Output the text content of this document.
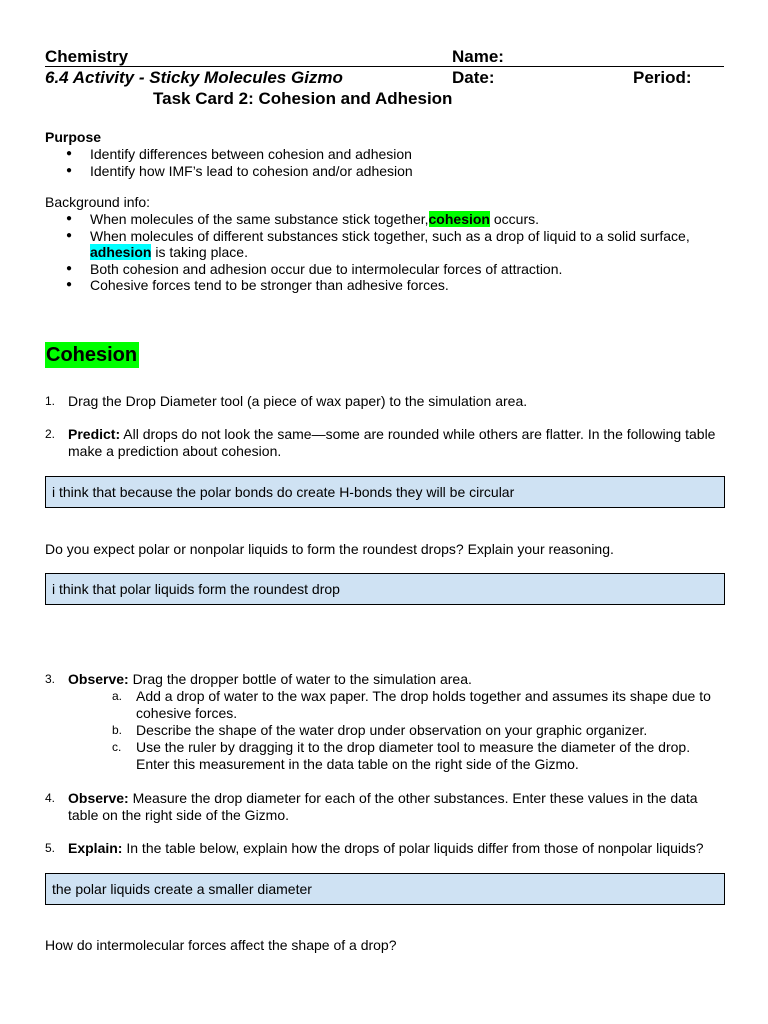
Chemistry	Name:
6.4 Activity - Sticky Molecules Gizmo	Date:	Period:
Task Card 2: Cohesion and Adhesion
Purpose
● Identify differences between cohesion and adhesion
● Identify how IMF’s lead to cohesion and/or adhesion
Background info:
● When molecules of the same substance stick together,cohesion occurs.
● When molecules of different substances stick together, such as a drop of liquid to a solid surface, adhesion is taking place.
● Both cohesion and adhesion occur due to intermolecular forces of attraction.
● Cohesive forces tend to be stronger than adhesive forces.
Cohesion
1. Drag the Drop Diameter tool (a piece of wax paper) to the simulation area.
2. Predict: All drops do not look the same—some are rounded while others are flatter. In the following table make a prediction about cohesion.
i think that because the polar bonds do create H-bonds they will be circular
Do you expect polar or nonpolar liquids to form the roundest drops? Explain your reasoning.
i think that polar liquids form the roundest drop
3. Observe: Drag the dropper bottle of water to the simulation area.
a. Add a drop of water to the wax paper. The drop holds together and assumes its shape due to cohesive forces.
b. Describe the shape of the water drop under observation on your graphic organizer.
c. Use the ruler by dragging it to the drop diameter tool to measure the diameter of the drop. Enter this measurement in the data table on the right side of the Gizmo.
4. Observe: Measure the drop diameter for each of the other substances. Enter these values in the data table on the right side of the Gizmo.
5. Explain: In the table below, explain how the drops of polar liquids differ from those of nonpolar liquids?
the polar liquids create a smaller diameter
How do intermolecular forces affect the shape of a drop?
